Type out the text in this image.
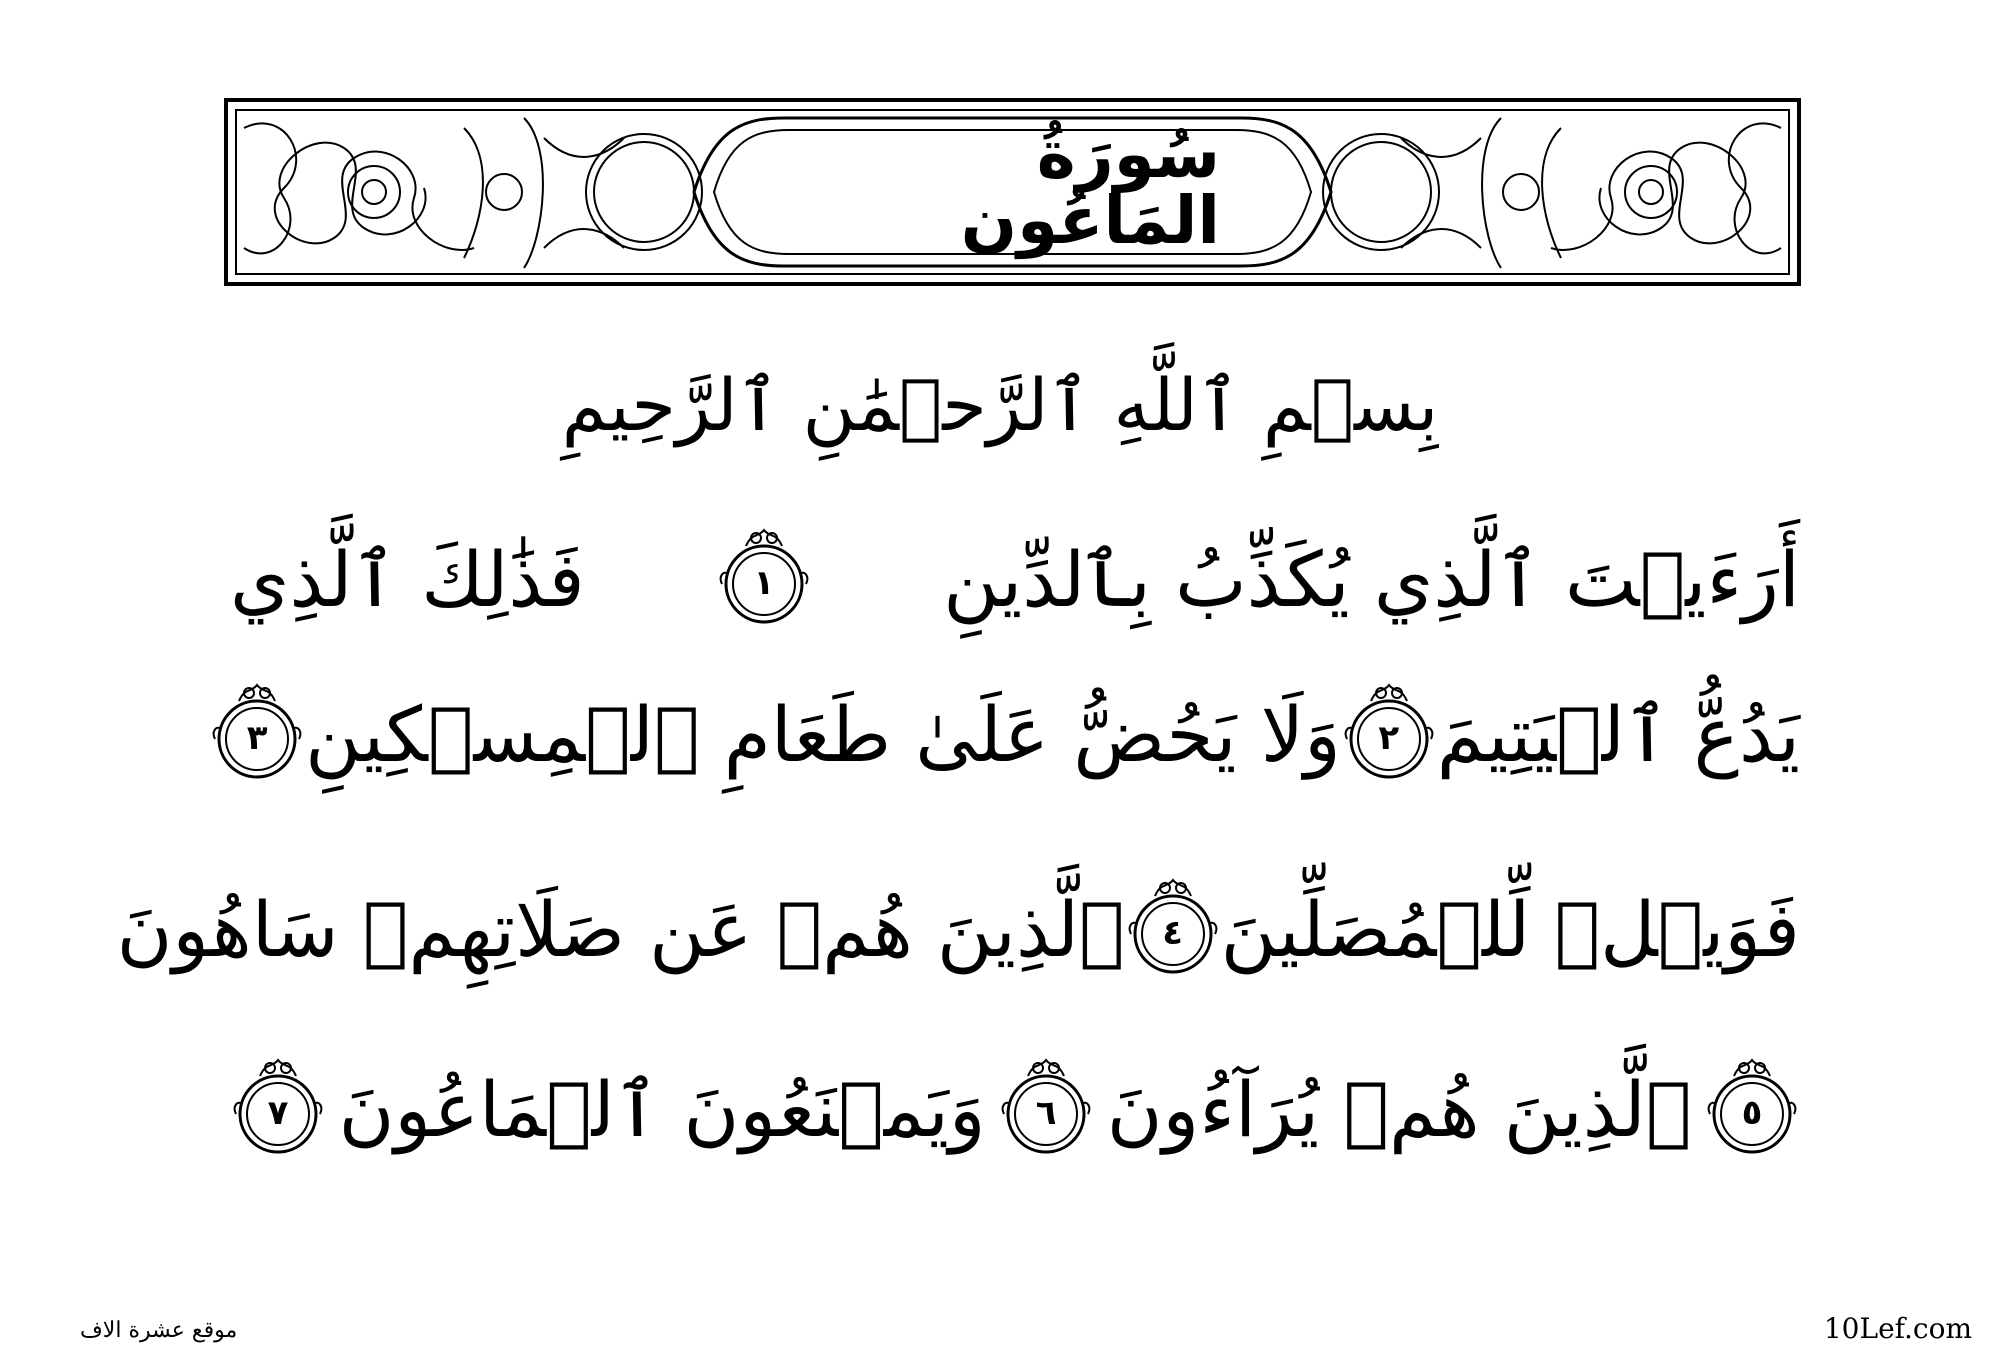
سُورَةُ المَاعُون
بِسۡمِ ٱللَّهِ ٱلرَّحۡمَٰنِ ٱلرَّحِيمِ
أَرَءَيۡتَ ٱلَّذِي يُكَذِّبُ بِٱلدِّينِ
١
فَذَٰلِكَ ٱلَّذِي
يَدُعُّ ٱلۡيَتِيمَ
٢
وَلَا يَحُضُّ عَلَىٰ طَعَامِ ٱلۡمِسۡكِينِ
٣
فَوَيۡلٞ لِّلۡمُصَلِّينَ
٤
ٱلَّذِينَ هُمۡ عَن صَلَاتِهِمۡ سَاهُونَ
٥
ٱلَّذِينَ هُمۡ يُرَآءُونَ
٦
وَيَمۡنَعُونَ ٱلۡمَاعُونَ
٧
موقع عشرة الاف	10Lef.com
